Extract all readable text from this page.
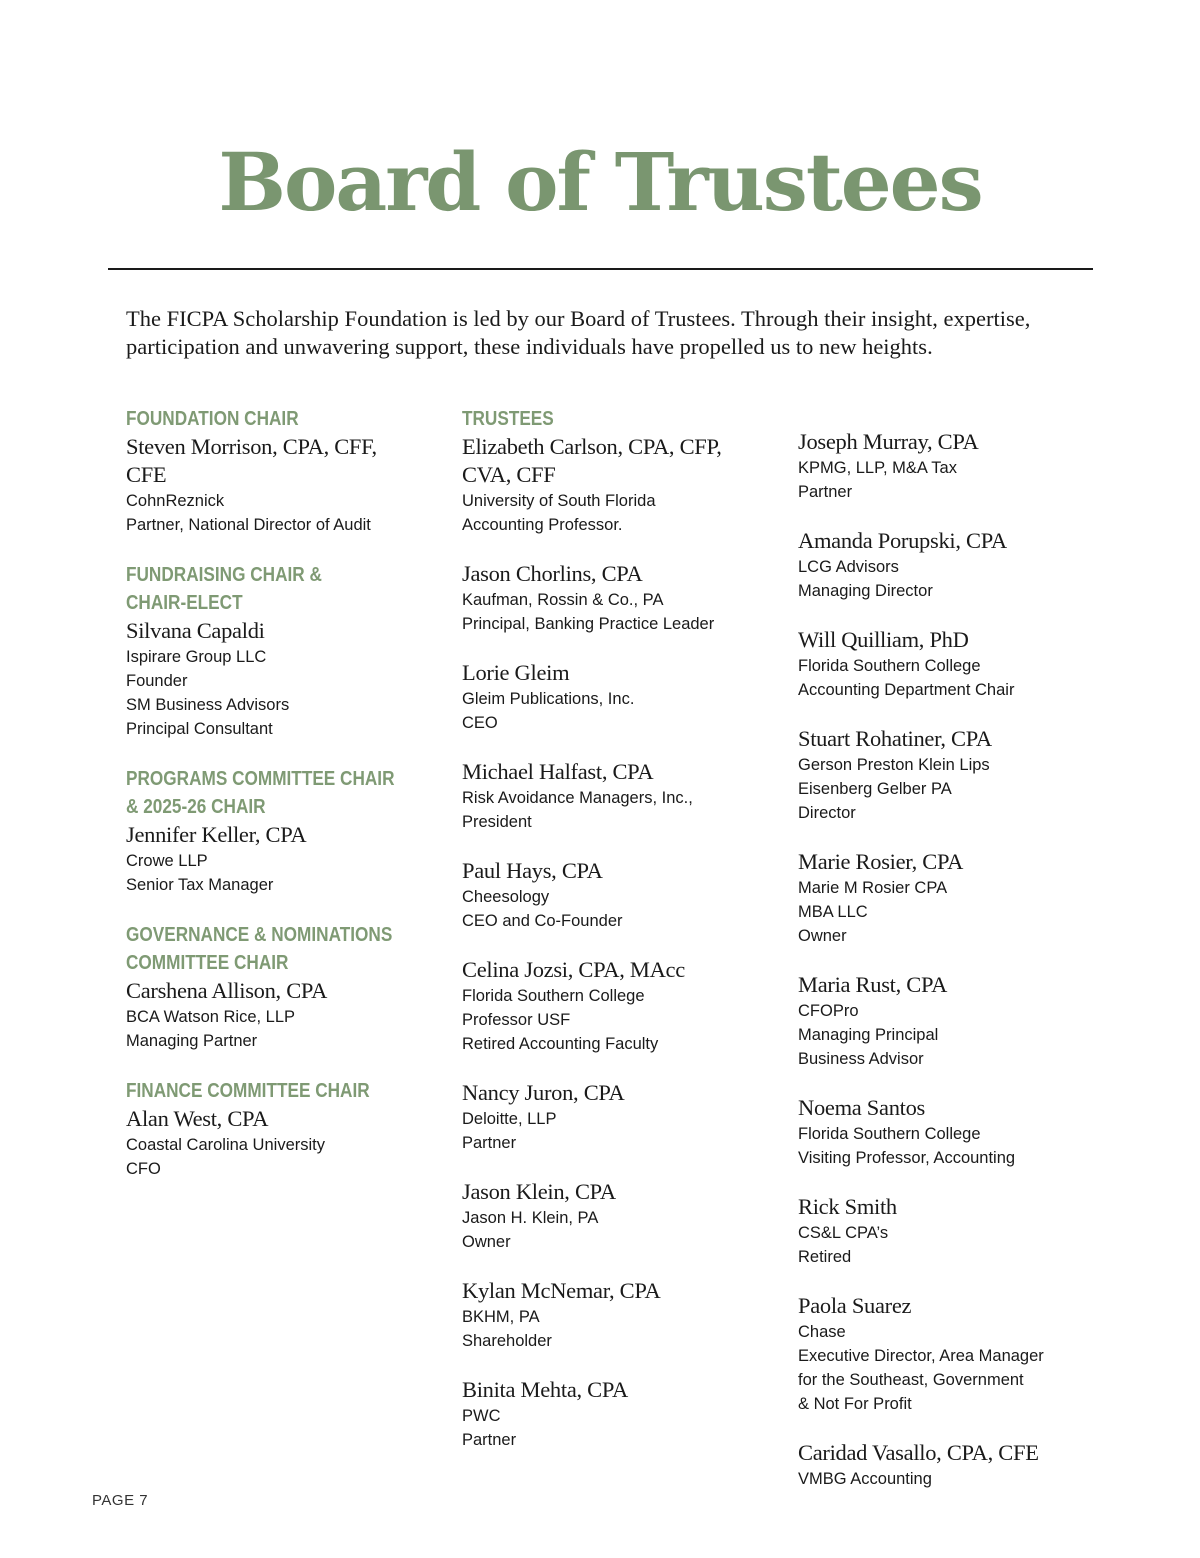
Board of Trustees

The FICPA Scholarship Foundation is led by our Board of Trustees. Through their insight, expertise, participation and unwavering support, these individuals have propelled us to new heights.

FOUNDATION CHAIR
Steven Morrison, CPA, CFF,
CFE
CohnReznick
Partner, National Director of Audit
FUNDRAISING CHAIR &
CHAIR-ELECT
Silvana Capaldi
Ispirare Group LLC
Founder
SM Business Advisors
Principal Consultant
PROGRAMS COMMITTEE CHAIR
& 2025-26 CHAIR
Jennifer Keller, CPA
Crowe LLP
Senior Tax Manager
GOVERNANCE & NOMINATIONS
COMMITTEE CHAIR
Carshena Allison, CPA
BCA Watson Rice, LLP
Managing Partner
FINANCE COMMITTEE CHAIR
Alan West, CPA
Coastal Carolina University
CFO
TRUSTEES
Elizabeth Carlson, CPA, CFP,
CVA, CFF
University of South Florida
Accounting Professor.
Jason Chorlins, CPA
Kaufman, Rossin & Co., PA
Principal, Banking Practice Leader
Lorie Gleim
Gleim Publications, Inc.
CEO
Michael Halfast, CPA
Risk Avoidance Managers, Inc.,
President
Paul Hays, CPA
Cheesology
CEO and Co-Founder
Celina Jozsi, CPA, MAcc
Florida Southern College
Professor USF
Retired Accounting Faculty
Nancy Juron, CPA
Deloitte, LLP
Partner
Jason Klein, CPA
Jason H. Klein, PA
Owner
Kylan McNemar, CPA
BKHM, PA
Shareholder
Binita Mehta, CPA
PWC
Partner
Joseph Murray, CPA
KPMG, LLP, M&A Tax
Partner
Amanda Porupski, CPA
LCG Advisors
Managing Director
Will Quilliam, PhD
Florida Southern College
Accounting Department Chair
Stuart Rohatiner, CPA
Gerson Preston Klein Lips
Eisenberg Gelber PA
Director
Marie Rosier, CPA
Marie M Rosier CPA
MBA LLC
Owner
Maria Rust, CPA
CFOPro
Managing Principal
Business Advisor
Noema Santos
Florida Southern College
Visiting Professor, Accounting
Rick Smith
CS&L CPA’s
Retired
Paola Suarez
Chase
Executive Director, Area Manager
for the Southeast, Government
& Not For Profit
Caridad Vasallo, CPA, CFE
VMBG Accounting
PAGE 7
